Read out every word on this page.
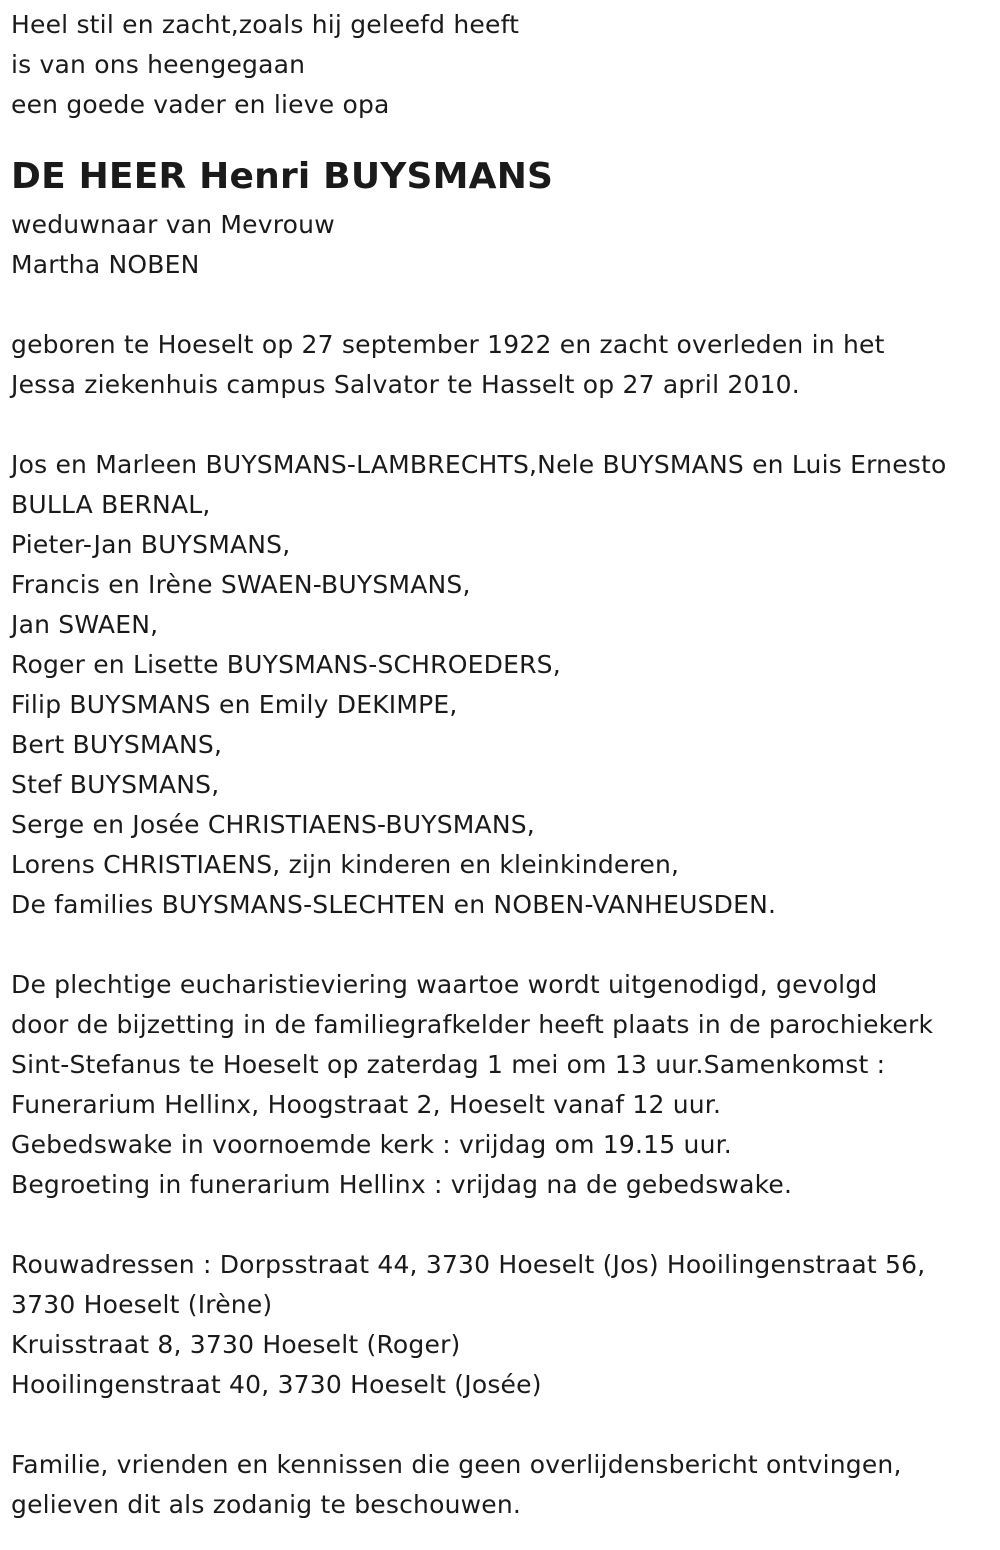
Heel stil en zacht,zoals hij geleefd heeft
is van ons heengegaan
een goede vader en lieve opa
DE HEER Henri BUYSMANS
weduwnaar van Mevrouw
Martha NOBEN
geboren te Hoeselt op 27 september 1922 en zacht overleden in het
Jessa ziekenhuis campus Salvator te Hasselt op 27 april 2010.
Jos en Marleen BUYSMANS-LAMBRECHTS,Nele BUYSMANS en Luis Ernesto
BULLA BERNAL,
Pieter-Jan BUYSMANS,
Francis en Irène SWAEN-BUYSMANS,
Jan SWAEN,
Roger en Lisette BUYSMANS-SCHROEDERS,
Filip BUYSMANS en Emily DEKIMPE,
Bert BUYSMANS,
Stef BUYSMANS,
Serge en Josée CHRISTIAENS-BUYSMANS,
Lorens CHRISTIAENS, zijn kinderen en kleinkinderen,
De families BUYSMANS-SLECHTEN en NOBEN-VANHEUSDEN.
De plechtige eucharistieviering waartoe wordt uitgenodigd, gevolgd
door de bijzetting in de familiegrafkelder heeft plaats in de parochiekerk
Sint-Stefanus te Hoeselt op zaterdag 1 mei om 13 uur.Samenkomst :
Funerarium Hellinx, Hoogstraat 2, Hoeselt vanaf 12 uur.
Gebedswake in voornoemde kerk : vrijdag om 19.15 uur.
Begroeting in funerarium Hellinx : vrijdag na de gebedswake.
Rouwadressen : Dorpsstraat 44, 3730 Hoeselt (Jos) Hooilingenstraat 56,
3730 Hoeselt (Irène)
Kruisstraat 8, 3730 Hoeselt (Roger)
Hooilingenstraat 40, 3730 Hoeselt (Josée)
Familie, vrienden en kennissen die geen overlijdensbericht ontvingen,
gelieven dit als zodanig te beschouwen.
